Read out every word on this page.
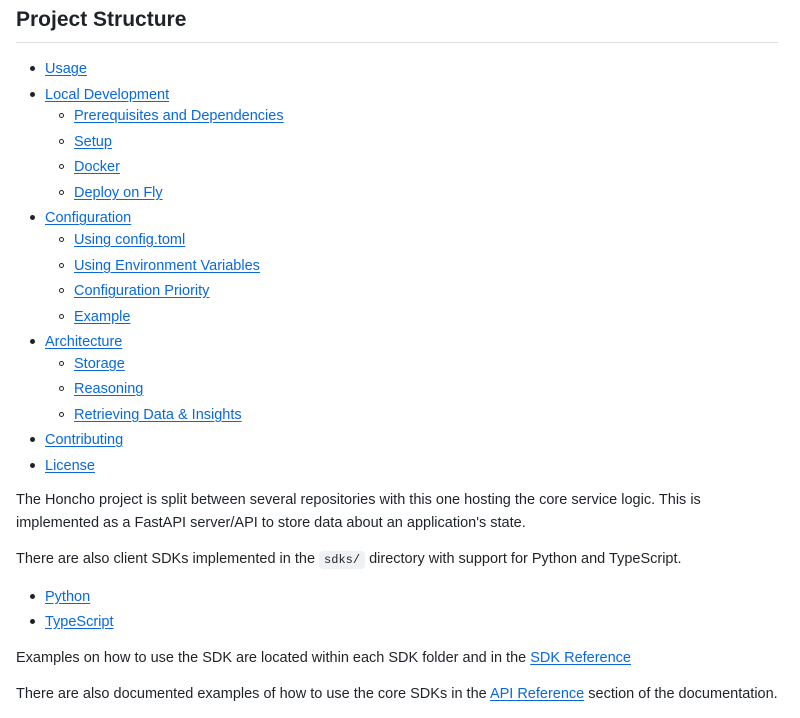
Project Structure
Usage
Local Development
Prerequisites and Dependencies
Setup
Docker
Deploy on Fly
Configuration
Using config.toml
Using Environment Variables
Configuration Priority
Example
Architecture
Storage
Reasoning
Retrieving Data & Insights
Contributing
License

The Honcho project is split between several repositories with this one hosting the core service logic. This is implemented as a FastAPI server/API to store data about an application's state.

There are also client SDKs implemented in the sdks/ directory with support for Python and TypeScript.

Python
TypeScript

Examples on how to use the SDK are located within each SDK folder and in the SDK Reference

There are also documented examples of how to use the core SDKs in the API Reference section of the documentation.
